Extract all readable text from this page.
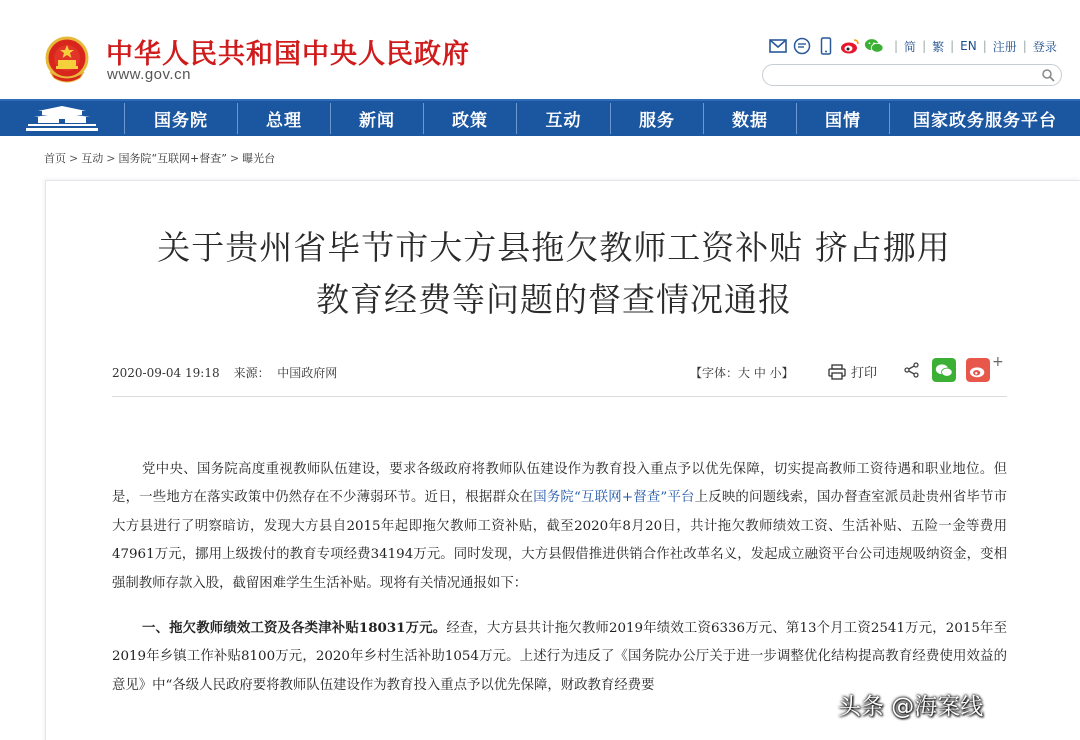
中华人民共和国中央人民政府
www.gov.cn
| 简 | 繁 | EN | 注册 | 登录
国务院	总理	新闻	政策	互动	服务	数据	国情	国家政务服务平台
首页 > 互动 > 国务院“互联网+督查” > 曝光台
关于贵州省毕节市大方县拖欠教师工资补贴 挤占挪用
教育经费等问题的督查情况通报
2020-09-04 19:18 来源： 中国政府网	【字体：大 中 小】	打印
+

党中央、国务院高度重视教师队伍建设，要求各级政府将教师队伍建设作为教育投入重点予以优先保障，切实提高教师工资待遇和职业地位。但是，一些地方在落实政策中仍然存在不少薄弱环节。近日，根据群众在国务院“互联网+督查”平台上反映的问题线索，国办督查室派员赴贵州省毕节市大方县进行了明察暗访，发现大方县自2015年起即拖欠教师工资补贴，截至2020年8月20日，共计拖欠教师绩效工资、生活补贴、五险一金等费用47961万元，挪用上级拨付的教育专项经费34194万元。同时发现，大方县假借推进供销合作社改革名义，发起成立融资平台公司违规吸纳资金，变相强制教师存款入股，截留困难学生生活补贴。现将有关情况通报如下：

一、拖欠教师绩效工资及各类津补贴18031万元。经查，大方县共计拖欠教师2019年绩效工资6336万元、第13个月工资2541万元，2015年至2019年乡镇工作补贴8100万元，2020年乡村生活补助1054万元。上述行为违反了《国务院办公厅关于进一步调整优化结构提高教育经费使用效益的意见》中“各级人民政府要将教师队伍建设作为教育投入重点予以优先保障，财政教育经费要

头条 @海案线
